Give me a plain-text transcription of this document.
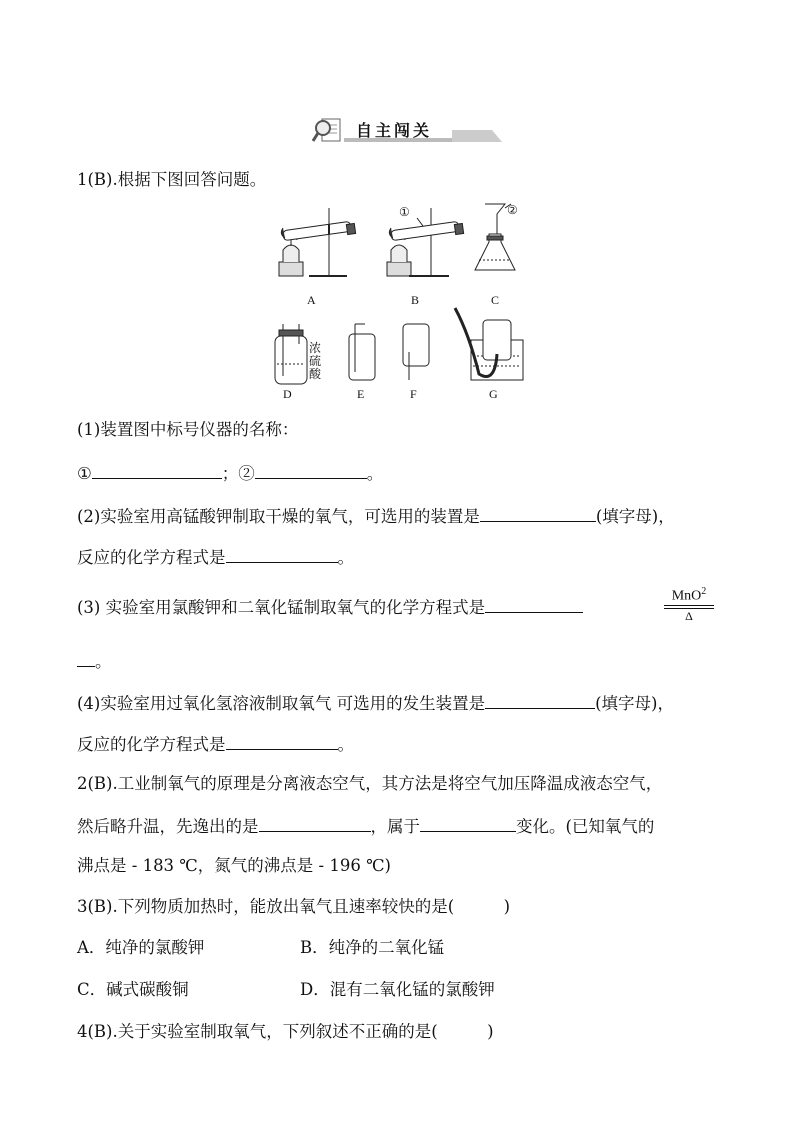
自主闯关
1(B).根据下图回答问题。
A	B	C
D	E	F	G
①	②
浓
硫
酸
(1)装置图中标号仪器的名称：
①	；②	。
(2)实验室用高锰酸钾制取干燥的氧气，可选用的装置是	(填字母)，
反应的化学方程式是	。
(3) 实验室用氯酸钾和二氧化锰制取氧气的化学方程式是
MnO$^2$
Δ
。
(4)实验室用过氧化氢溶液制取氧气 可选用的发生装置是	(填字母)，
反应的化学方程式是	。
2(B).工业制氧气的原理是分离液态空气，其方法是将空气加压降温成液态空气，
然后略升温，先逸出的是	，属于	变化。(已知氧气的
沸点是 - 183 ℃，氮气的沸点是 - 196 ℃)
3(B).下列物质加热时，能放出氧气且速率较快的是(　　　)
A．纯净的氯酸钾	B．纯净的二氧化锰
C．碱式碳酸铜	D．混有二氧化锰的氯酸钾
4(B).关于实验室制取氧气，下列叙述不正确的是(　　　)
